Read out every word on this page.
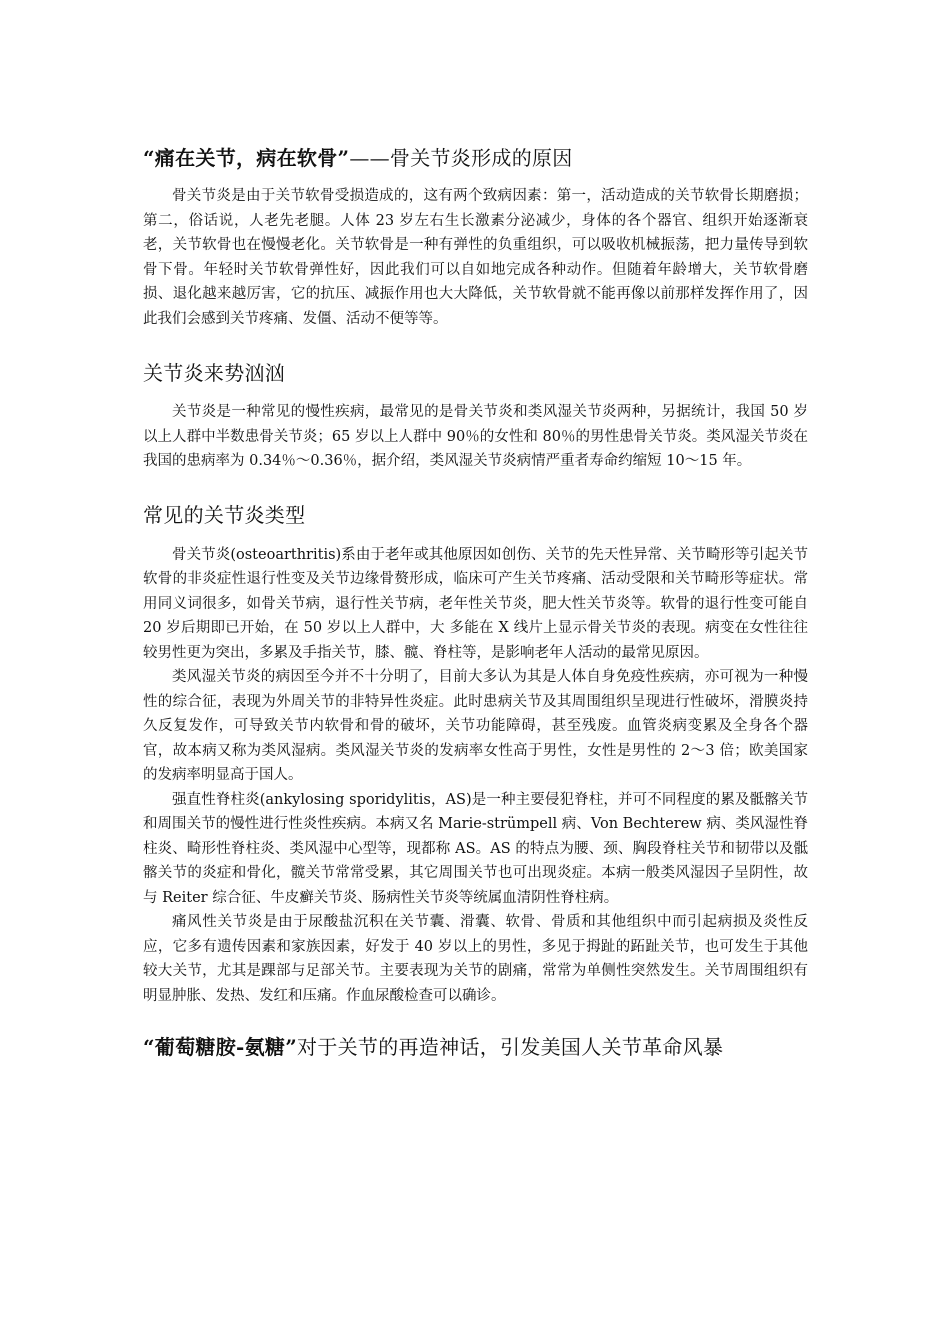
“痛在关节，病在软骨”——骨关节炎形成的原因

骨关节炎是由于关节软骨受损造成的，这有两个致病因素：第一，活动造成的关节软骨长期磨损；第二，俗话说，人老先老腿。人体 23 岁左右生长激素分泌减少，身体的各个器官、组织开始逐渐衰老，关节软骨也在慢慢老化。关节软骨是一种有弹性的负重组织，可以吸收机械振荡，把力量传导到软骨下骨。年轻时关节软骨弹性好，因此我们可以自如地完成各种动作。但随着年龄增大，关节软骨磨损、退化越来越厉害，它的抗压、减振作用也大大降低，关节软骨就不能再像以前那样发挥作用了，因此我们会感到关节疼痛、发僵、活动不便等等。

关节炎来势汹汹

关节炎是一种常见的慢性疾病，最常见的是骨关节炎和类风湿关节炎两种，另据统计，我国 50 岁以上人群中半数患骨关节炎；65 岁以上人群中 90％的女性和 80％的男性患骨关节炎。类风湿关节炎在我国的患病率为 0.34％～0.36％，据介绍，类风湿关节炎病情严重者寿命约缩短 10～15 年。

常见的关节炎类型

骨关节炎(osteoarthritis)系由于老年或其他原因如创伤、关节的先天性异常、关节畸形等引起关节软骨的非炎症性退行性变及关节边缘骨赘形成，临床可产生关节疼痛、活动受限和关节畸形等症状。常用同义词很多，如骨关节病，退行性关节病，老年性关节炎，肥大性关节炎等。软骨的退行性变可能自 20 岁后期即已开始，在 50 岁以上人群中，大 多能在 X 线片上显示骨关节炎的表现。病变在女性往往较男性更为突出，多累及手指关节，膝、髋、脊柱等，是影响老年人活动的最常见原因。

类风湿关节炎的病因至今并不十分明了，目前大多认为其是人体自身免疫性疾病，亦可视为一种慢性的综合征，表现为外周关节的非特异性炎症。此时患病关节及其周围组织呈现进行性破坏，滑膜炎持久反复发作，可导致关节内软骨和骨的破坏，关节功能障碍，甚至残废。血管炎病变累及全身各个器官，故本病又称为类风湿病。类风湿关节炎的发病率女性高于男性，女性是男性的 2～3 倍；欧美国家的发病率明显高于国人。

强直性脊柱炎(ankylosing sporidylitis，AS)是一种主要侵犯脊柱，并可不同程度的累及骶髂关节和周围关节的慢性进行性炎性疾病。本病又名 Marie-strümpell 病、Von Bechterew 病、类风湿性脊柱炎、畸形性脊柱炎、类风湿中心型等，现都称 AS。AS 的特点为腰、颈、胸段脊柱关节和韧带以及骶髂关节的炎症和骨化，髋关节常常受累，其它周围关节也可出现炎症。本病一般类风湿因子呈阴性，故与 Reiter 综合征、牛皮癣关节炎、肠病性关节炎等统属血清阴性脊柱病。

痛风性关节炎是由于尿酸盐沉积在关节囊、滑囊、软骨、骨质和其他组织中而引起病损及炎性反应，它多有遗传因素和家族因素，好发于 40 岁以上的男性，多见于拇趾的跖趾关节，也可发生于其他较大关节，尤其是踝部与足部关节。主要表现为关节的剧痛，常常为单侧性突然发生。关节周围组织有明显肿胀、发热、发红和压痛。作血尿酸检查可以确诊。

“葡萄糖胺-氨糖”对于关节的再造神话，引发美国人关节革命风暴
